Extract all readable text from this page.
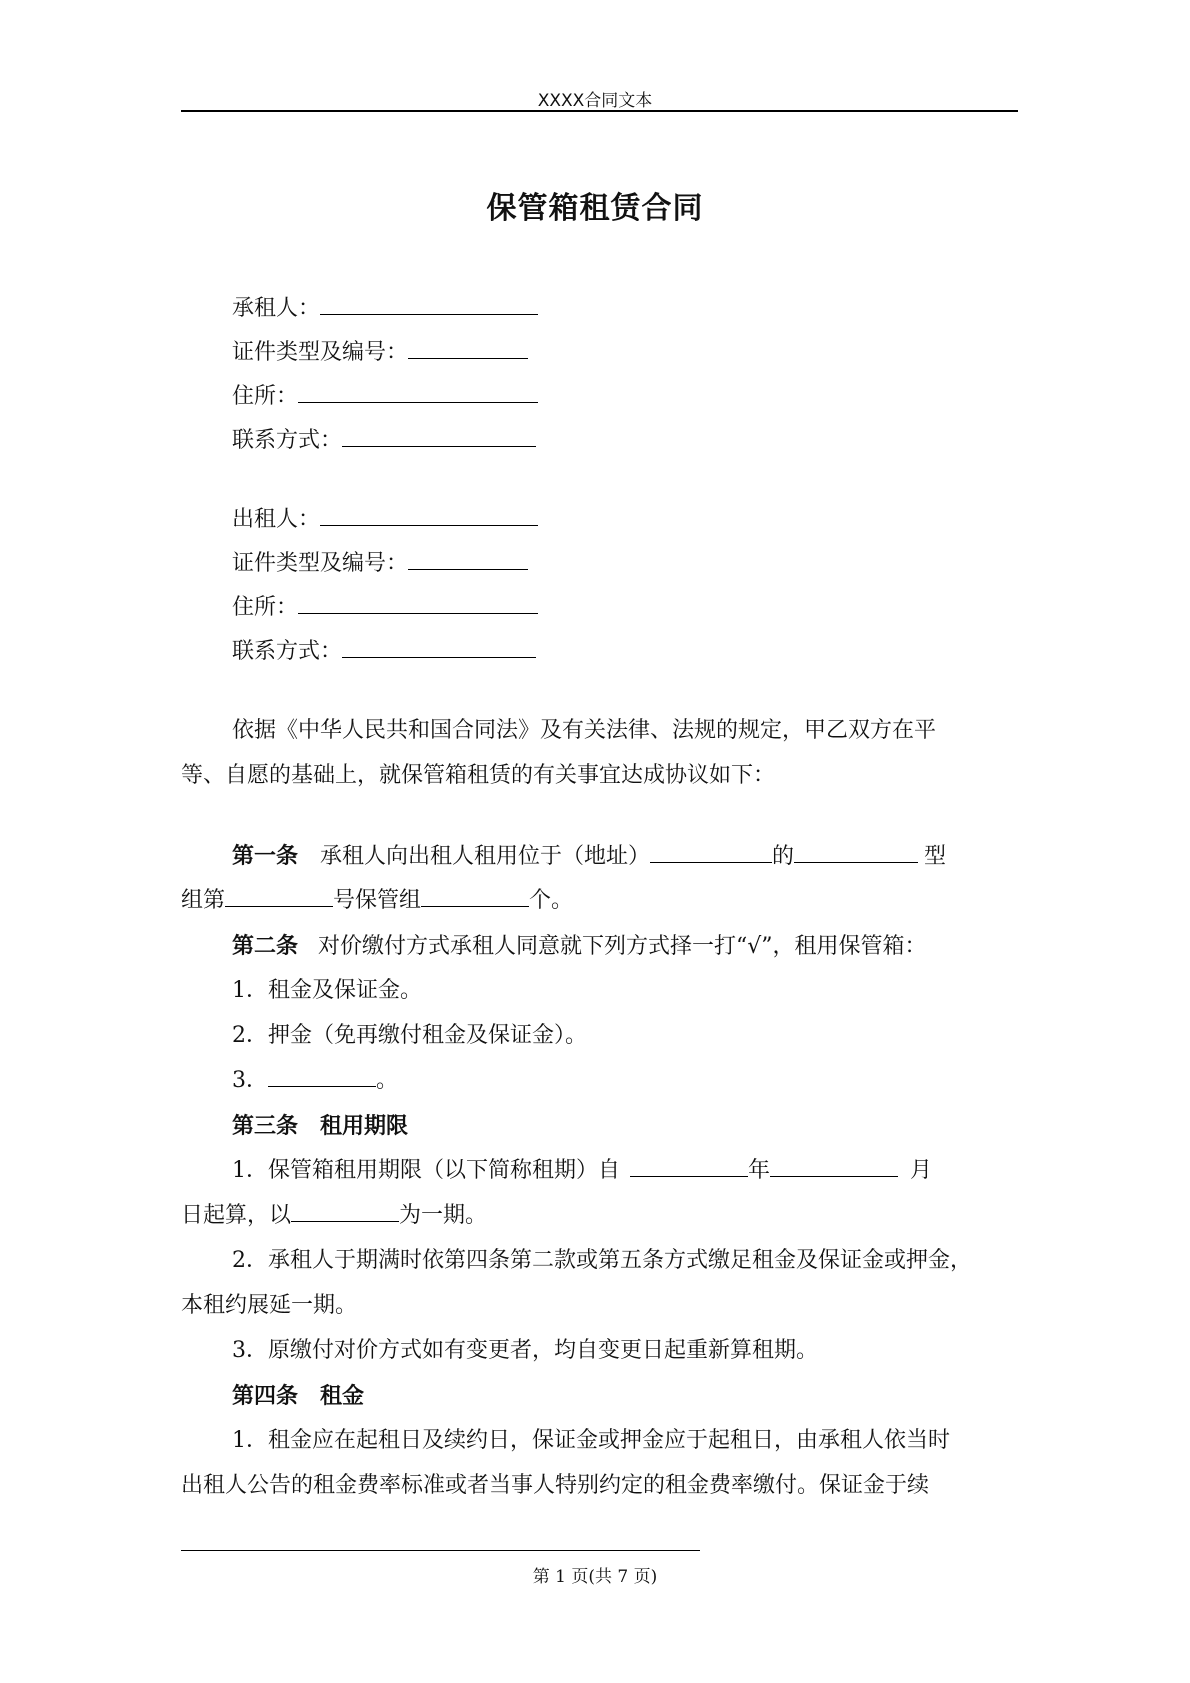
XXXX合同文本
保管箱租赁合同
承租人：
证件类型及编号：
住所：
联系方式：
出租人：
证件类型及编号：
住所：
联系方式：
依据《中华人民共和国合同法》及有关法律、法规的规定，甲乙双方在平
等、自愿的基础上，就保管箱租赁的有关事宜达成协议如下：
第一条 承租人向出租人租用位于（地址）	的	型
组第	号保管组	个。
第二条 对价缴付方式承租人同意就下列方式择一打“√”，租用保管箱：
1．租金及保证金。
2．押金（免再缴付租金及保证金）。
3．	。
第三条　租用期限
1．保管箱租用期限（以下简称租期）自	年	月
日起算，以	为一期。
2．承租人于期满时依第四条第二款或第五条方式缴足租金及保证金或押金，
本租约展延一期。
3．原缴付对价方式如有变更者，均自变更日起重新算租期。
第四条　租金
1．租金应在起租日及续约日，保证金或押金应于起租日，由承租人依当时
出租人公告的租金费率标准或者当事人特别约定的租金费率缴付。保证金于续
第 1 页(共 7 页)
